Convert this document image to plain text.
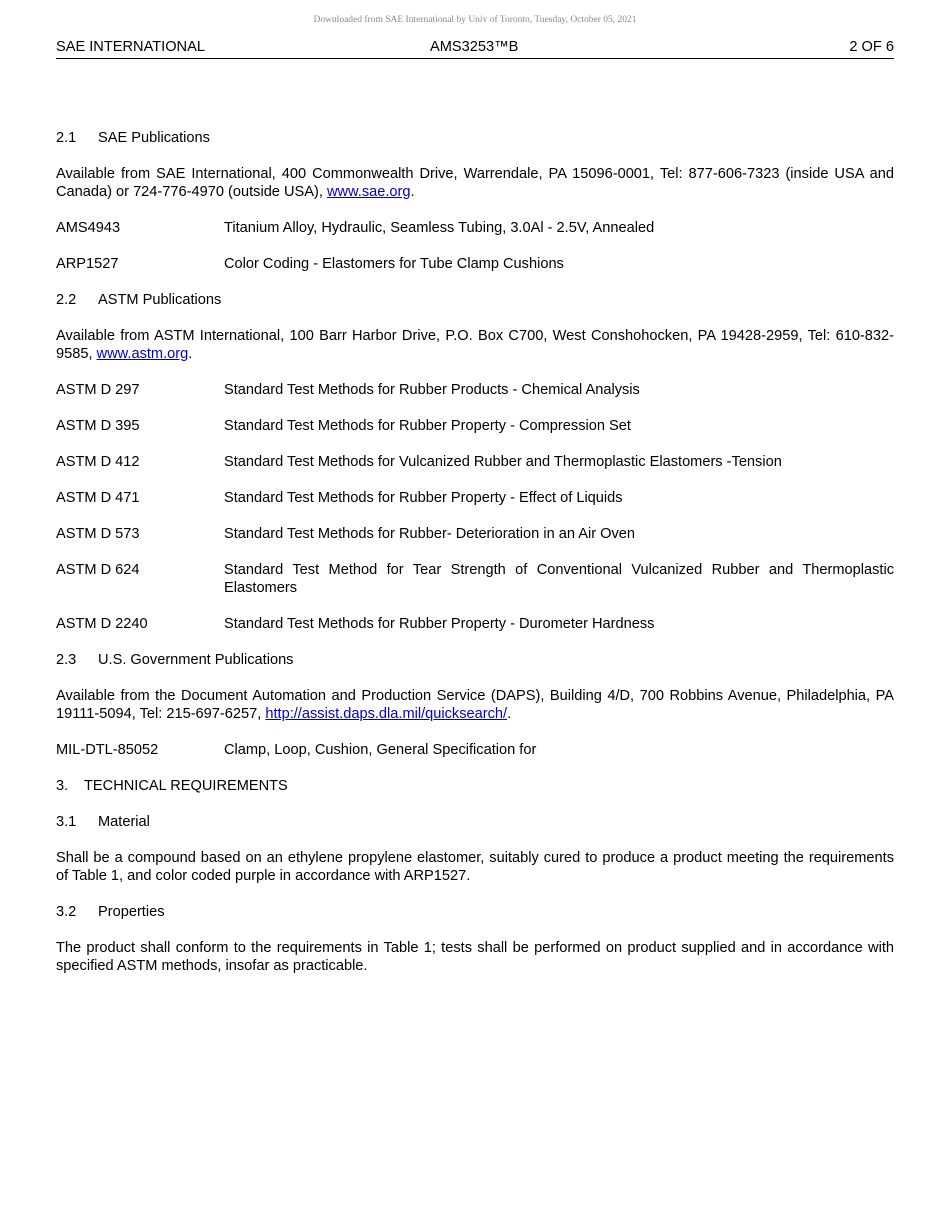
Downloaded from SAE International by Univ of Toronto, Tuesday, October 05, 2021
SAE INTERNATIONAL	AMS3253™B	2 OF 6
2.1	SAE Publications

Available from SAE International, 400 Commonwealth Drive, Warrendale, PA 15096-0001, Tel: 877-606-7323 (inside USA and Canada) or 724-776-4970 (outside USA), www.sae.org.

AMS4943	Titanium Alloy, Hydraulic, Seamless Tubing, 3.0Al - 2.5V, Annealed
ARP1527	Color Coding - Elastomers for Tube Clamp Cushions
2.2	ASTM Publications

Available from ASTM International, 100 Barr Harbor Drive, P.O. Box C700, West Conshohocken, PA 19428-2959, Tel: 610-832-9585, www.astm.org.

ASTM D 297	Standard Test Methods for Rubber Products - Chemical Analysis
ASTM D 395	Standard Test Methods for Rubber Property - Compression Set
ASTM D 412	Standard Test Methods for Vulcanized Rubber and Thermoplastic Elastomers -Tension
ASTM D 471	Standard Test Methods for Rubber Property - Effect of Liquids
ASTM D 573	Standard Test Methods for Rubber- Deterioration in an Air Oven
ASTM D 624	Standard Test Method for Tear Strength of Conventional Vulcanized Rubber and Thermoplastic Elastomers
ASTM D 2240	Standard Test Methods for Rubber Property - Durometer Hardness
2.3	U.S. Government Publications

Available from the Document Automation and Production Service (DAPS), Building 4/D, 700 Robbins Avenue, Philadelphia, PA 19111-5094, Tel: 215-697-6257, http://assist.daps.dla.mil/quicksearch/.

MIL-DTL-85052	Clamp, Loop, Cushion, General Specification for
3.	TECHNICAL REQUIREMENTS
3.1	Material

Shall be a compound based on an ethylene propylene elastomer, suitably cured to produce a product meeting the requirements of Table 1, and color coded purple in accordance with ARP1527.

3.2	Properties

The product shall conform to the requirements in Table 1; tests shall be performed on product supplied and in accordance with specified ASTM methods, insofar as practicable.
